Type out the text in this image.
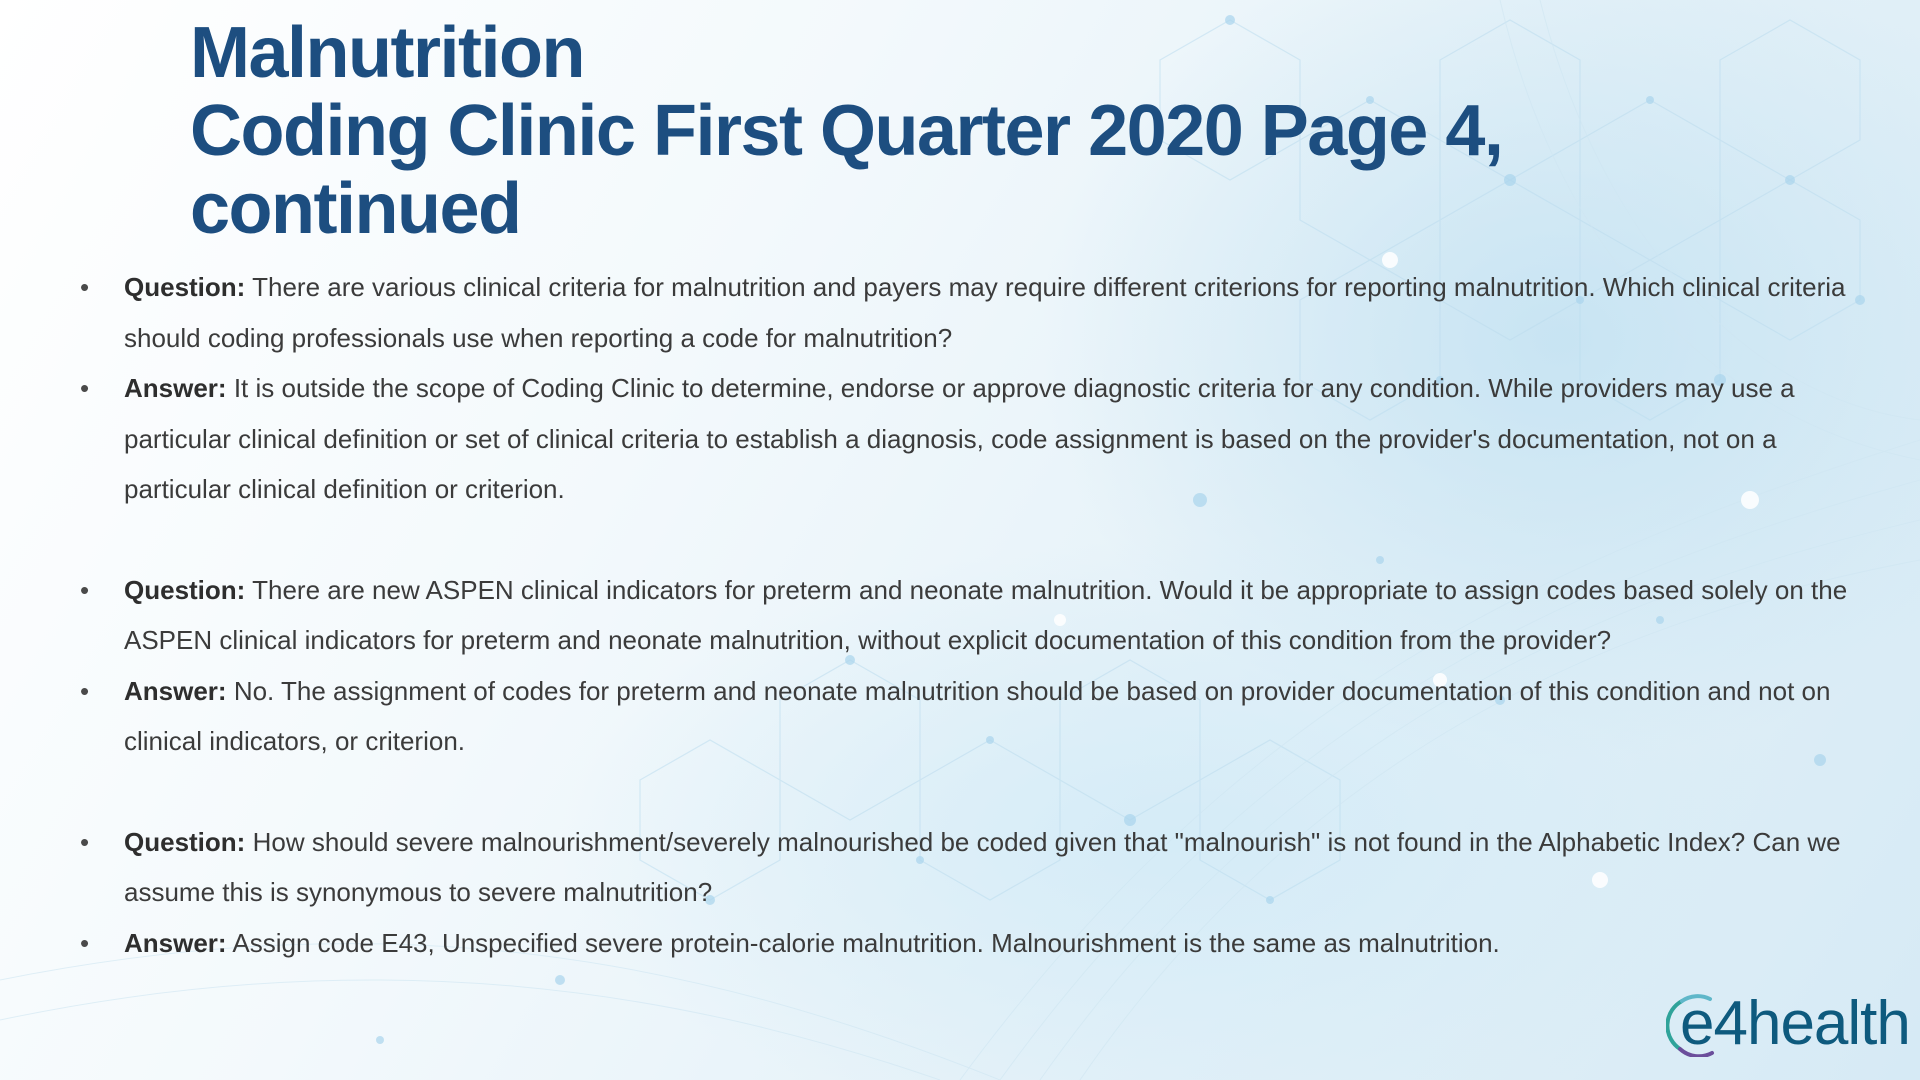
Malnutrition
Coding Clinic First Quarter 2020 Page 4,
continued
•	Question: There are various clinical criteria for malnutrition and payers may require different criterions for reporting malnutrition. Which clinical criteria should coding professionals use when reporting a code for malnutrition?
•	Answer: It is outside the scope of Coding Clinic to determine, endorse or approve diagnostic criteria for any condition. While providers may use a particular clinical definition or set of clinical criteria to establish a diagnosis, code assignment is based on the provider's documentation, not on a particular clinical definition or criterion.
•	Question: There are new ASPEN clinical indicators for preterm and neonate malnutrition. Would it be appropriate to assign codes based solely on the ASPEN clinical indicators for preterm and neonate malnutrition, without explicit documentation of this condition from the provider?
•	Answer: No. The assignment of codes for preterm and neonate malnutrition should be based on provider documentation of this condition and not on clinical indicators, or criterion.
•	Question: How should severe malnourishment/severely malnourished be coded given that "malnourish" is not found in the Alphabetic Index? Can we assume this is synonymous to severe malnutrition?
•	Answer: Assign code E43, Unspecified severe protein-calorie malnutrition. Malnourishment is the same as malnutrition.
e4health
